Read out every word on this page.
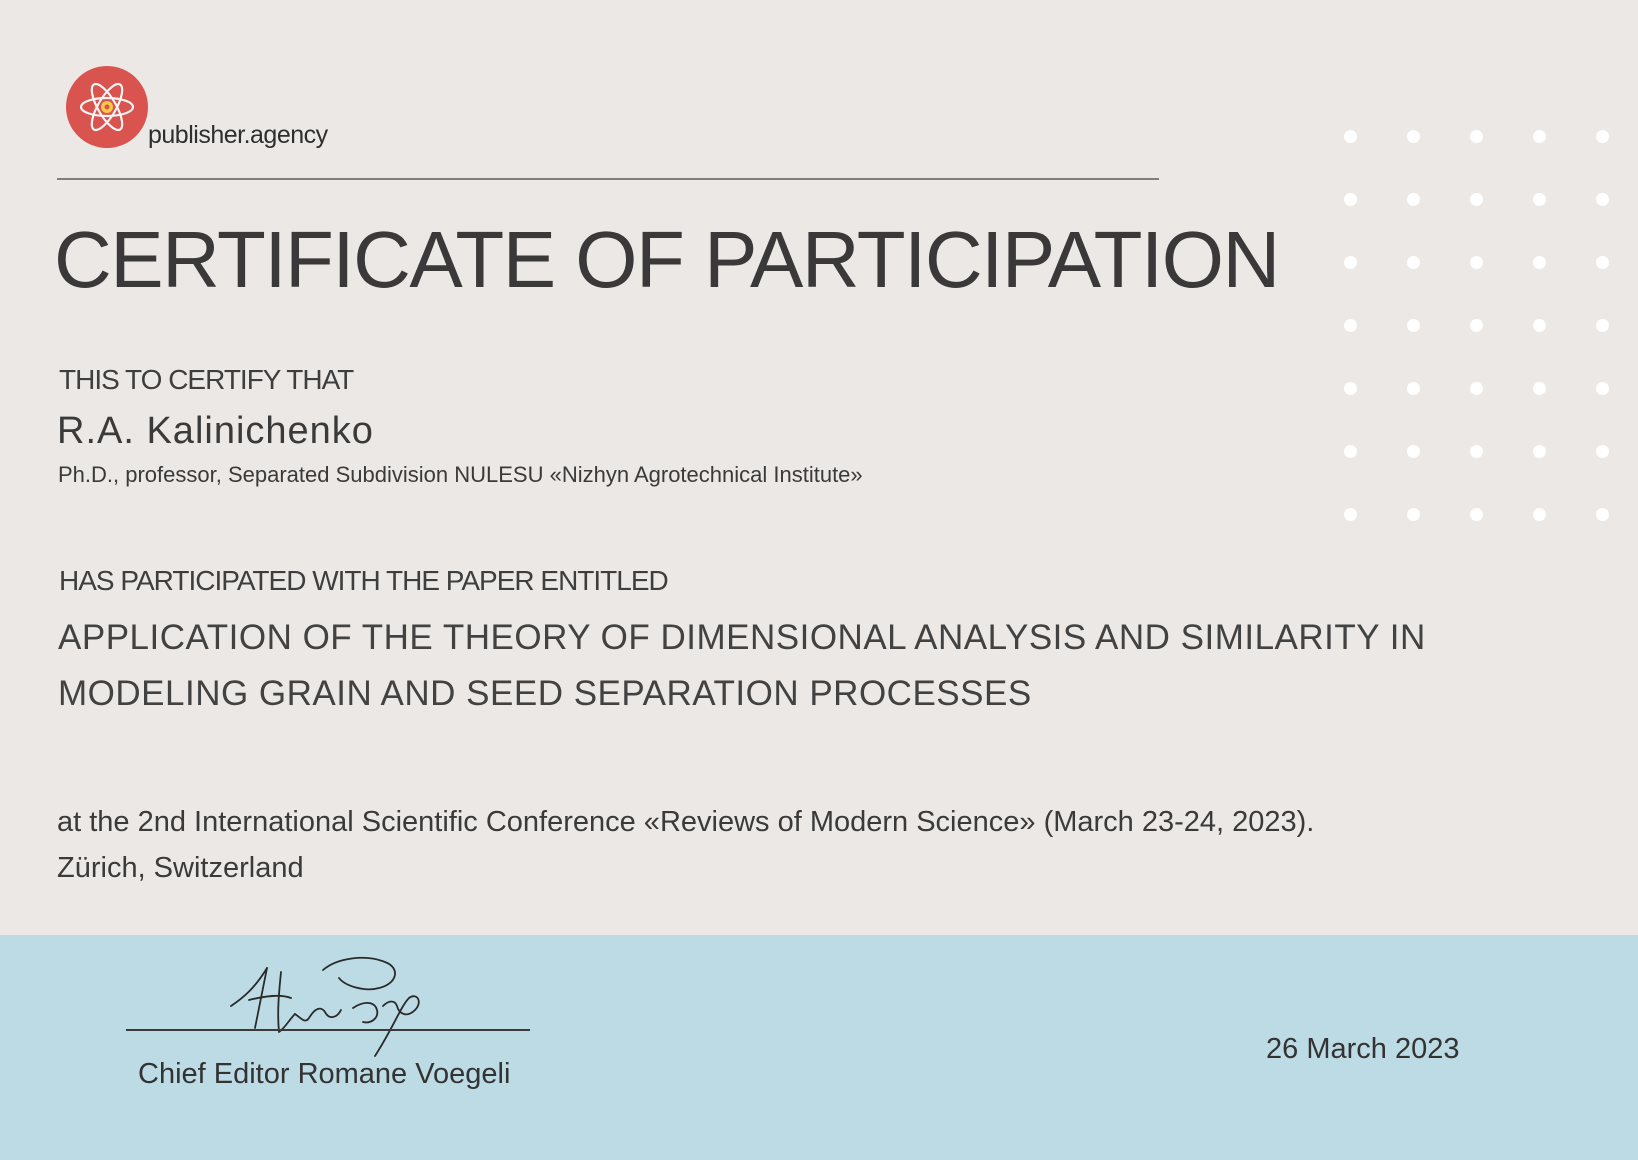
publisher.agency
CERTIFICATE OF PARTICIPATION
THIS TO CERTIFY THAT
R.A. Kalinichenko
Ph.D., professor, Separated Subdivision NULESU «Nizhyn Agrotechnical Institute»
HAS PARTICIPATED WITH THE PAPER ENTITLED
APPLICATION OF THE THEORY OF DIMENSIONAL ANALYSIS AND SIMILARITY IN
MODELING GRAIN AND SEED SEPARATION PROCESSES
at the 2nd International Scientific Conference «Reviews of Modern Science» (March 23-24, 2023).
Zürich, Switzerland
Chief Editor Romane Voegeli
26 March 2023
